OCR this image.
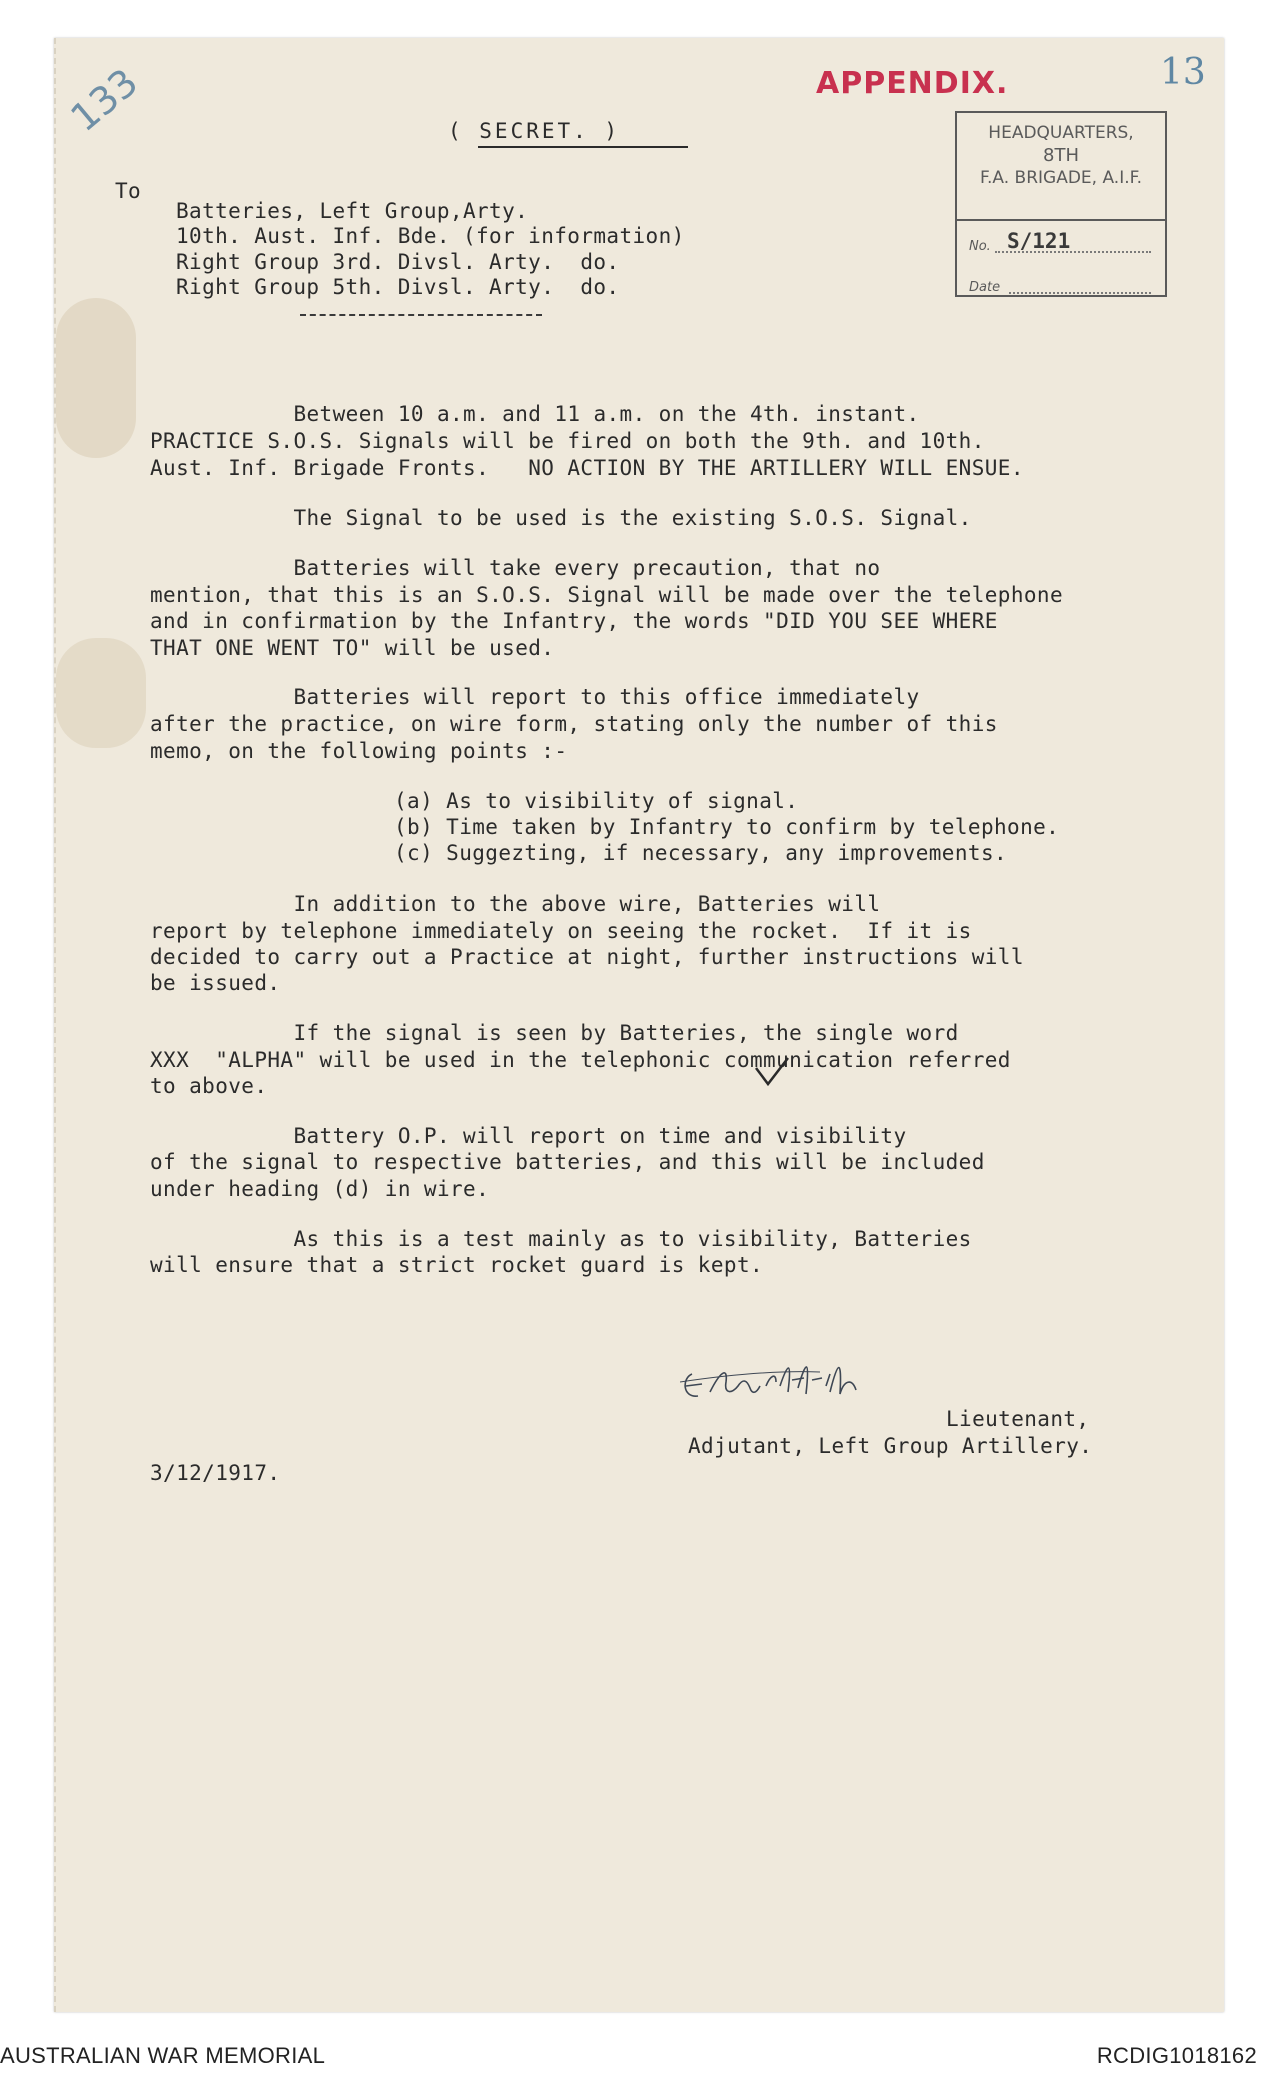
133	13
APPENDIX.
( SECRET. )	HEADQUARTERS,
8TH
F.A. BRIGADE, A.I.F.
No. S/121
Date
To
Batteries, Left Group,Arty.
10th. Aust. Inf. Bde. (for information)
Right Group 3rd. Divsl. Arty.  do.
Right Group 5th. Divsl. Arty.  do.
Between 10 a.m. and 11 a.m. on the 4th. instant.
PRACTICE S.O.S. Signals will be fired on both the 9th. and 10th.
Aust. Inf. Brigade Fronts.   NO ACTION BY THE ARTILLERY WILL ENSUE.
The Signal to be used is the existing S.O.S. Signal.
Batteries will take every precaution, that no
mention, that this is an S.O.S. Signal will be made over the telephone
and in confirmation by the Infantry, the words "DID YOU SEE WHERE
THAT ONE WENT TO" will be used.
Batteries will report to this office immediately
after the practice, on wire form, stating only the number of this
memo, on the following points :-
(a) As to visibility of signal.
(b) Time taken by Infantry to confirm by telephone.
(c) Suggezting, if necessary, any improvements.
In addition to the above wire, Batteries will
report by telephone immediately on seeing the rocket.  If it is
decided to carry out a Practice at night, further instructions will
be issued.
If the signal is seen by Batteries, the single word
XXX  "ALPHA" will be used in the telephonic communication referred
to above.
Battery O.P. will report on time and visibility
of the signal to respective batteries, and this will be included
under heading (d) in wire.
As this is a test mainly as to visibility, Batteries
will ensure that a strict rocket guard is kept.
Lieutenant,
Adjutant, Left Group Artillery.
3/12/1917.
AUSTRALIAN WAR MEMORIAL	RCDIG1018162
